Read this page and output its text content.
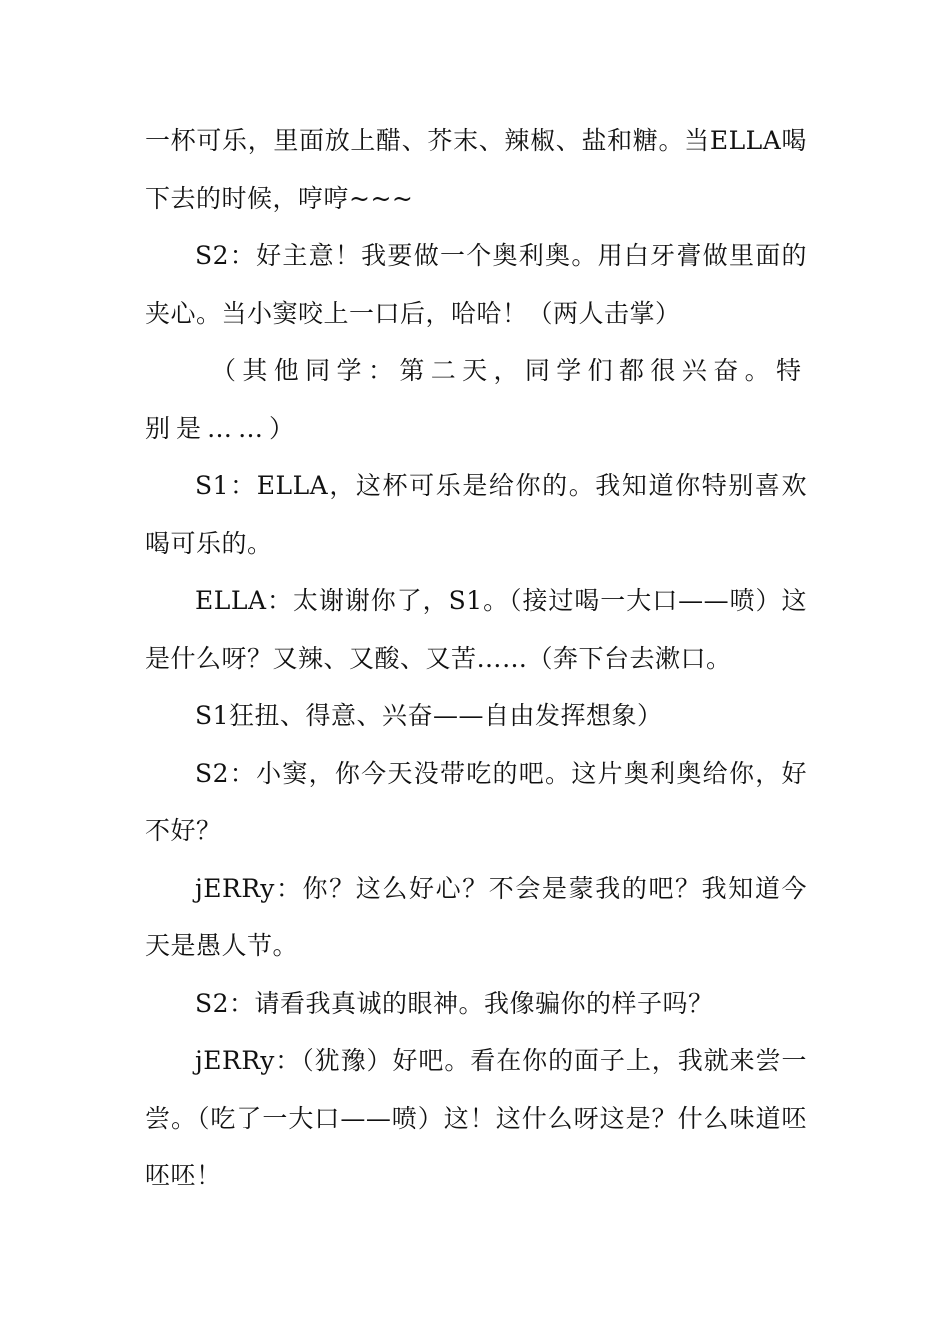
一杯可乐，里面放上醋、芥末、辣椒、盐和糖。当ELLA喝下去的时候，哼哼~~~

S2：好主意！我要做一个奥利奥。用白牙膏做里面的夹心。当小窦咬上一口后，哈哈！（两人击掌）

（其他同学：第二天，同学们都很兴奋。特别是……）

S1：ELLA，这杯可乐是给你的。我知道你特别喜欢喝可乐的。

ELLA：太谢谢你了，S1。（接过喝一大口——喷）这是什么呀？又辣、又酸、又苦……（奔下台去漱口。

S1狂扭、得意、兴奋——自由发挥想象）

S2：小窦，你今天没带吃的吧。这片奥利奥给你，好不好？

jERRy：你？这么好心？不会是蒙我的吧？我知道今天是愚人节。

S2：请看我真诚的眼神。我像骗你的样子吗？

jERRy：（犹豫）好吧。看在你的面子上，我就来尝一尝。（吃了一大口——喷）这！这什么呀这是？什么味道呸呸呸！
